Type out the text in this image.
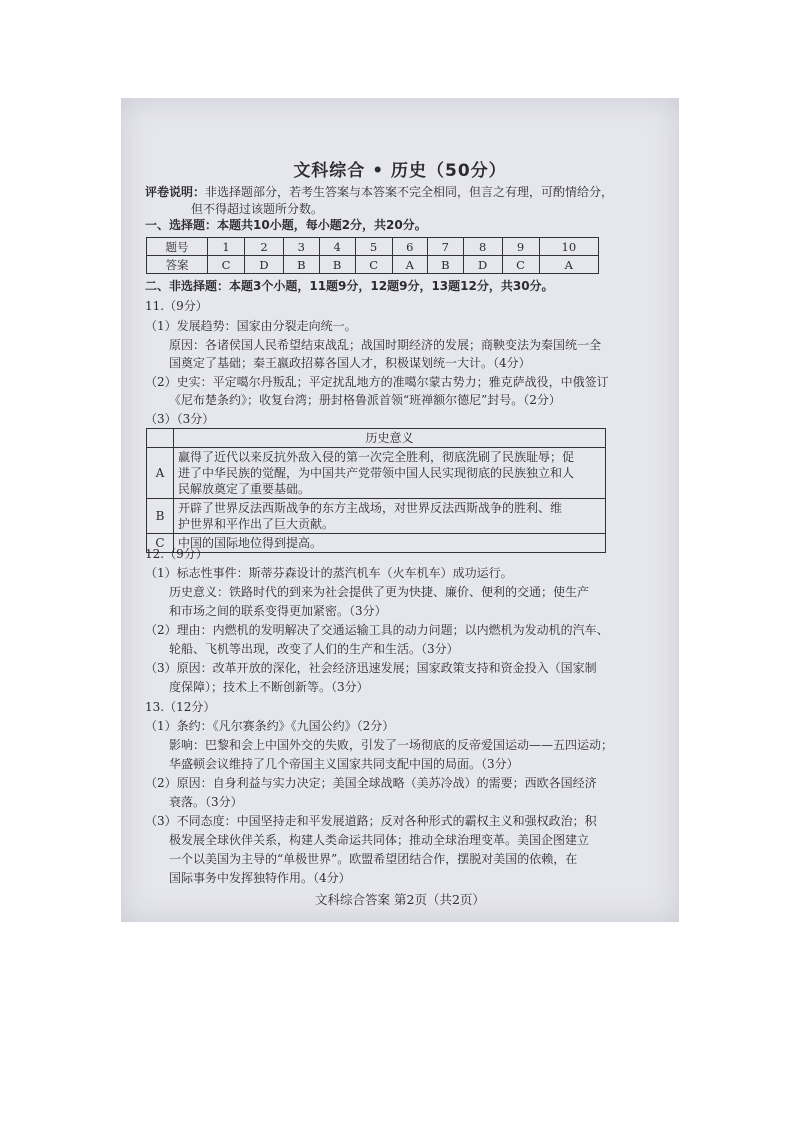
文科综合 • 历史（50分）
评卷说明：非选择题部分，若考生答案与本答案不完全相同，但言之有理，可酌情给分，
但不得超过该题所分数。
一、选择题：本题共10小题，每小题2分，共20分。
题号	1	2	3	4	5	6	7	8	9	10
答案	C	D	B	B	C	A	B	D	C	A
二、非选择题：本题3个小题，11题9分，12题9分，13题12分，共30分。
11.（9分）
（1）发展趋势：国家由分裂走向统一。
原因：各诸侯国人民希望结束战乱；战国时期经济的发展；商鞅变法为秦国统一全
国奠定了基础；秦王嬴政招募各国人才，积极谋划统一大计。（4分）
（2）史实：平定噶尔丹叛乱；平定扰乱地方的准噶尔蒙古势力；雅克萨战役，中俄签订
《尼布楚条约》；收复台湾；册封格鲁派首领“班禅额尔德尼”封号。（2分）
（3）（3分）
	历史意义
A	赢得了近代以来反抗外敌入侵的第一次完全胜利，彻底洗刷了民族耻辱；促
进了中华民族的觉醒，为中国共产党带领中国人民实现彻底的民族独立和人
民解放奠定了重要基础。

B	开辟了世界反法西斯战争的东方主战场，对世界反法西斯战争的胜利、维
护世界和平作出了巨大贡献。

C	中国的国际地位得到提高。
12.（9分）
（1）标志性事件：斯蒂芬森设计的蒸汽机车（火车机车）成功运行。
历史意义：铁路时代的到来为社会提供了更为快捷、廉价、便利的交通；使生产
和市场之间的联系变得更加紧密。（3分）
（2）理由：内燃机的发明解决了交通运输工具的动力问题；以内燃机为发动机的汽车、
轮船、飞机等出现，改变了人们的生产和生活。（3分）
（3）原因：改革开放的深化，社会经济迅速发展；国家政策支持和资金投入（国家制
度保障）；技术上不断创新等。（3分）
13.（12分）
（1）条约：《凡尔赛条约》《九国公约》（2分）
影响：巴黎和会上中国外交的失败，引发了一场彻底的反帝爱国运动——五四运动；
华盛顿会议维持了几个帝国主义国家共同支配中国的局面。（3分）
（2）原因：自身利益与实力决定；美国全球战略（美苏冷战）的需要；西欧各国经济
衰落。（3分）
（3）不同态度：中国坚持走和平发展道路；反对各种形式的霸权主义和强权政治；积
极发展全球伙伴关系，构建人类命运共同体；推动全球治理变革。美国企图建立
一个以美国为主导的“单极世界”。欧盟希望团结合作，摆脱对美国的依赖，在
国际事务中发挥独特作用。（4分）
文科综合答案 第2页（共2页）
